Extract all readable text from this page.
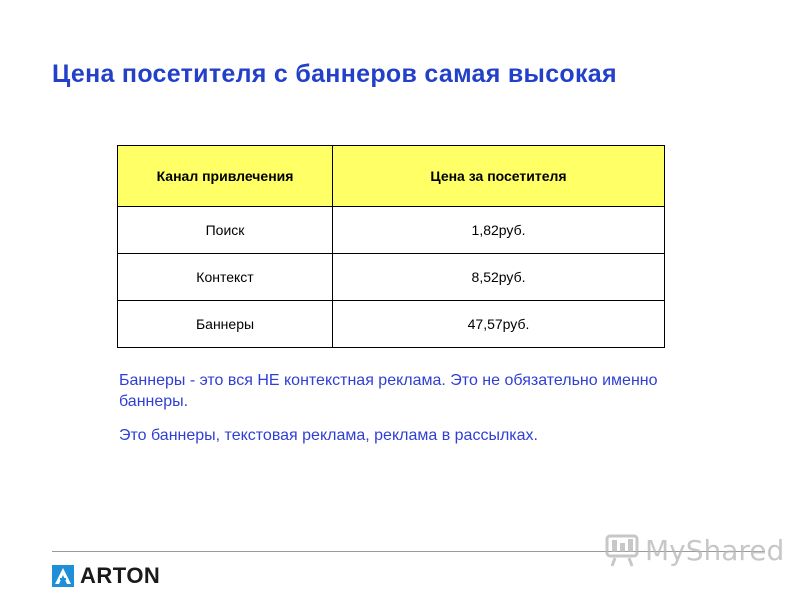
Цена посетителя с баннеров самая высокая
Канал привлечения	Цена за посетителя
Поиск	1,82руб.
Контекст	8,52руб.
Баннеры	47,57руб.
Баннеры - это вся НЕ контекстная реклама. Это не обязательно именно баннеры.
Это баннеры, текстовая реклама, реклама в рассылках.
ARTON
MyShared
